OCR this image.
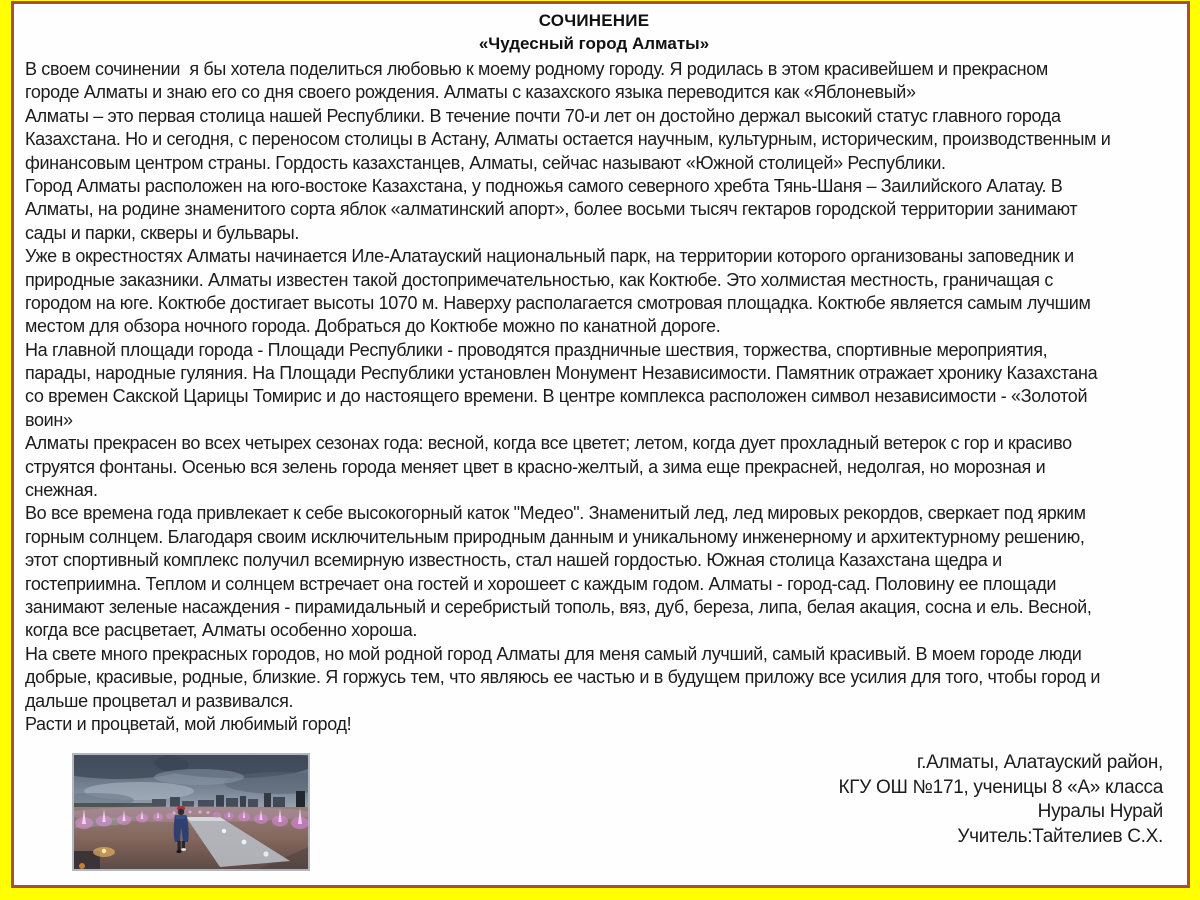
СОЧИНЕНИЕ
«Чудесный город Алматы»
В своем сочинении  я бы хотела поделиться любовью к моему родному городу. Я родилась в этом красивейшем и прекрасном
городе Алматы и знаю его со дня своего рождения. Алматы с казахского языка переводится как «Яблоневый»
Алматы – это первая столица нашей Республики. В течение почти 70-и лет он достойно держал высокий статус главного города
Казахстана. Но и сегодня, с переносом столицы в Астану, Алматы остается научным, культурным, историческим, производственным и
финансовым центром страны. Гордость казахстанцев, Алматы, сейчас называют «Южной столицей» Республики.
Город Алматы расположен на юго-востоке Казахстана, у подножья самого северного хребта Тянь-Шаня – Заилийского Алатау. В
Алматы, на родине знаменитого сорта яблок «алматинский апорт», более восьми тысяч гектаров городской территории занимают
сады и парки, скверы и бульвары.
Уже в окрестностях Алматы начинается Иле-Алатауский национальный парк, на территории которого организованы заповедник и
природные заказники. Алматы известен такой достопримечательностью, как Коктюбе. Это холмистая местность, граничащая с
городом на юге. Коктюбе достигает высоты 1070 м. Наверху располагается смотровая площадка. Коктюбе является самым лучшим
местом для обзора ночного города. Добраться до Коктюбе можно по канатной дороге.
На главной площади города - Площади Республики - проводятся праздничные шествия, торжества, спортивные мероприятия,
парады, народные гуляния. На Площади Республики установлен Монумент Независимости. Памятник отражает хронику Казахстана
со времен Сакской Царицы Томирис и до настоящего времени. В центре комплекса расположен символ независимости - «Золотой
воин»
Алматы прекрасен во всех четырех сезонах года: весной, когда все цветет; летом, когда дует прохладный ветерок с гор и красиво
струятся фонтаны. Осенью вся зелень города меняет цвет в красно-желтый, а зима еще прекрасней, недолгая, но морозная и
снежная.
Во все времена года привлекает к себе высокогорный каток "Медео". Знаменитый лед, лед мировых рекордов, сверкает под ярким
горным солнцем. Благодаря своим исключительным природным данным и уникальному инженерному и архитектурному решению,
этот спортивный комплекс получил всемирную известность, стал нашей гордостью. Южная столица Казахстана щедра и
гостеприимна. Теплом и солнцем встречает она гостей и хорошеет с каждым годом. Алматы - город-сад. Половину ее площади
занимают зеленые насаждения - пирамидальный и серебристый тополь, вяз, дуб, береза, липа, белая акация, сосна и ель. Весной,
когда все расцветает, Алматы особенно хороша.
На свете много прекрасных городов, но мой родной город Алматы для меня самый лучший, самый красивый. В моем городе люди
добрые, красивые, родные, близкие. Я горжусь тем, что являюсь ее частью и в будущем приложу все усилия для того, чтобы город и
дальше процветал и развивался.
Расти и процветай, мой любимый город!
г.Алматы, Алатауский район,
КГУ ОШ №171, ученицы 8 «А» класса
Нуралы Нурай
Учитель:Тайтелиев С.Х.
